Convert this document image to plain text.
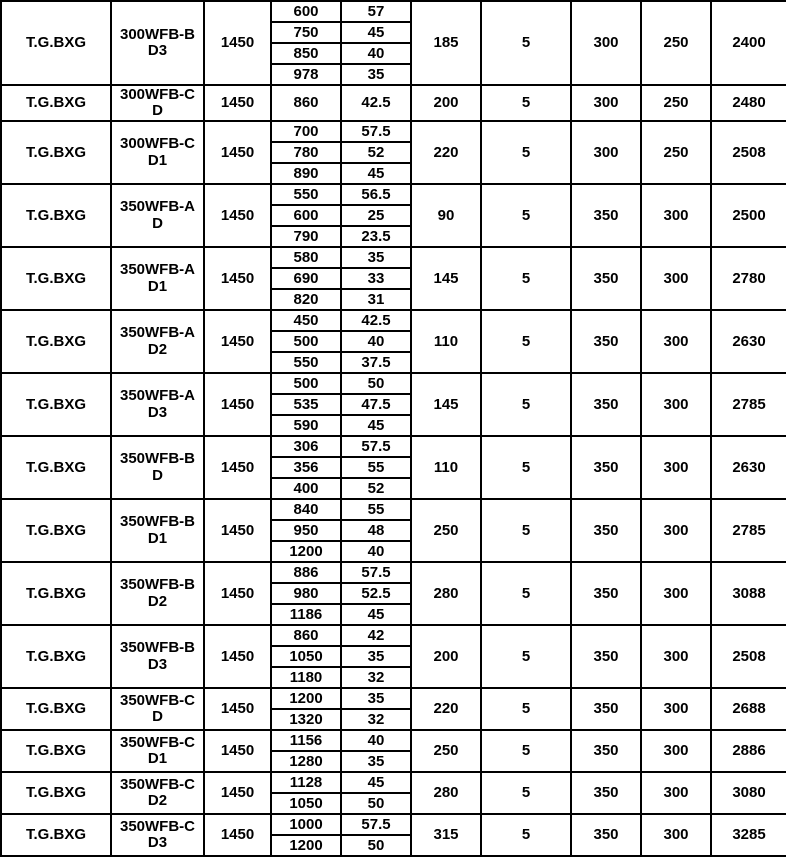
T.G.BXG	300WFB-BD3	1450	600	57	185	5	300	250	2400
			750	45					
			850	40					
			978	35					
T.G.BXG	300WFB-CD	1450	860	42.5	200	5	300	250	2480
T.G.BXG	300WFB-CD1	1450	700	57.5	220	5	300	250	2508
			780	52					
			890	45					
T.G.BXG	350WFB-AD	1450	550	56.5	90	5	350	300	2500
			600	25					
			790	23.5					
T.G.BXG	350WFB-AD1	1450	580	35	145	5	350	300	2780
			690	33					
			820	31					
T.G.BXG	350WFB-AD2	1450	450	42.5	110	5	350	300	2630
			500	40					
			550	37.5					
T.G.BXG	350WFB-AD3	1450	500	50	145	5	350	300	2785
			535	47.5					
			590	45					
T.G.BXG	350WFB-BD	1450	306	57.5	110	5	350	300	2630
			356	55					
			400	52					
T.G.BXG	350WFB-BD1	1450	840	55	250	5	350	300	2785
			950	48					
			1200	40					
T.G.BXG	350WFB-BD2	1450	886	57.5	280	5	350	300	3088
			980	52.5					
			1186	45					
T.G.BXG	350WFB-BD3	1450	860	42	200	5	350	300	2508
			1050	35					
			1180	32					
T.G.BXG	350WFB-CD	1450	1200	35	220	5	350	300	2688
			1320	32					
T.G.BXG	350WFB-CD1	1450	1156	40	250	5	350	300	2886
			1280	35					
T.G.BXG	350WFB-CD2	1450	1128	45	280	5	350	300	3080
			1050	50					
T.G.BXG	350WFB-CD3	1450	1000	57.5	315	5	350	300	3285
			1200	50					
